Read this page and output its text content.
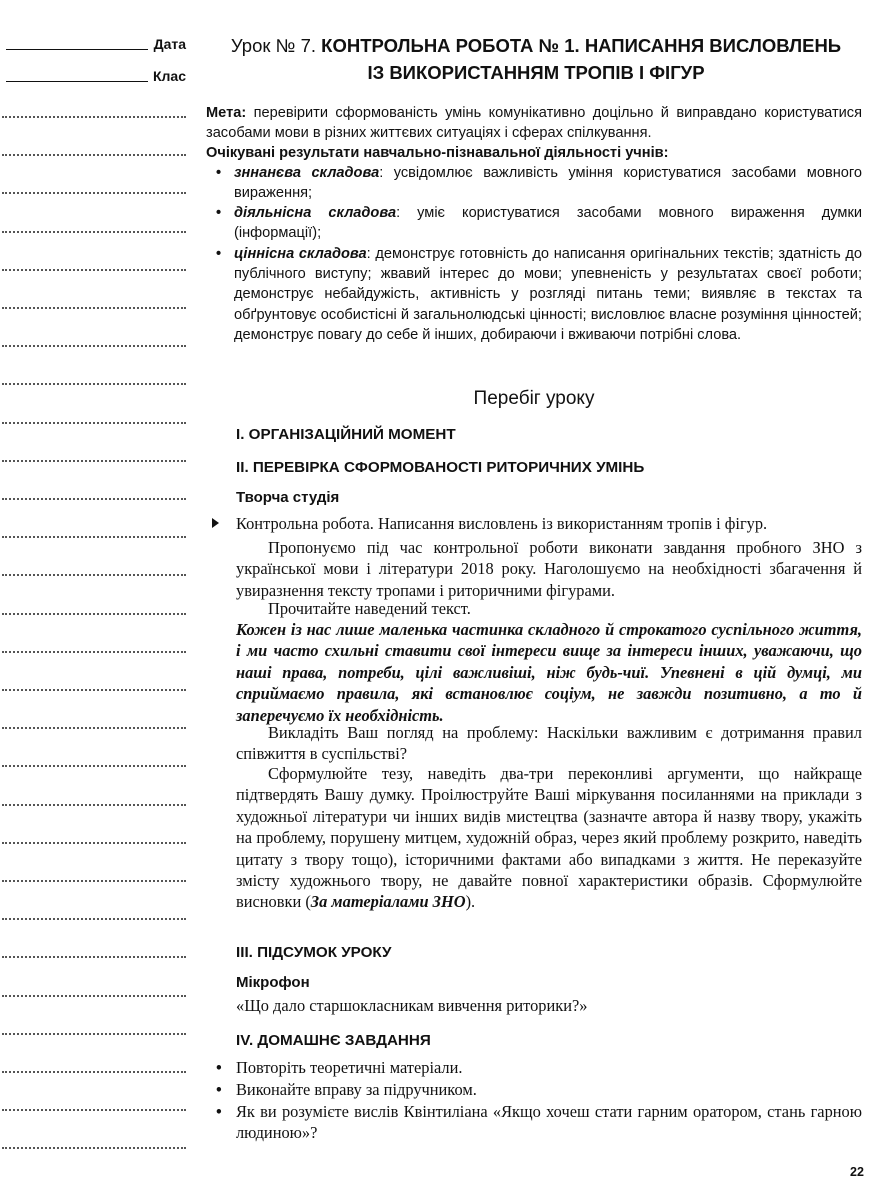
Дата
Клас
Урок № 7. КОНТРОЛЬНА РОБОТА № 1. НАПИСАННЯ ВИСЛОВЛЕНЬ
ІЗ ВИКОРИСТАННЯМ ТРОПІВ І ФІГУР
Мета: перевірити сформованість умінь комунікативно доцільно й виправдано користуватися засобами мови в різних життєвих ситуаціях і сферах спілкування.
Очікувані результати навчально-пізнавальної діяльності учнів:
• зннанєва складова: усвідомлює важливість уміння користуватися засобами мовного вираження;
• діяльнісна складова: уміє користуватися засобами мовного вираження думки (інформації);
• ціннісна складова: демонструє готовність до написання оригінальних текстів; здатність до публічного виступу; жвавий інтерес до мови; упевненість у результатах своєї роботи; демонструє небайдужість, активність у розгляді питань теми; виявляє в текстах та обґрунтовує особистісні й загальнолюдські цінності; висловлює власне розуміння цінностей; демонструє повагу до себе й інших, добираючи і вживаючи потрібні слова.
Перебіг уроку
І. ОРГАНІЗАЦІЙНИЙ МОМЕНТ
ІІ. ПЕРЕВІРКА СФОРМОВАНОСТІ РИТОРИЧНИХ УМІНЬ
Творча студія
Контрольна робота. Написання висловлень із використанням тропів і фігур.
Пропонуємо під час контрольної роботи виконати завдання пробного ЗНО з української мови і літератури 2018 року. Наголошуємо на необхідності збагачення й увиразнення тексту тропами і риторичними фігурами.
Прочитайте наведений текст.
Кожен із нас лише маленька частинка складного й строкатого суспільного життя, і ми часто схильні ставити свої інтереси вище за інтереси інших, уважаючи, що наші права, потреби, цілі важливіші, ніж будь-чиї. Упевнені в цій думці, ми сприймаємо правила, які встановлює соціум, не завжди позитивно, а то й заперечуємо їх необхідність.
Викладіть Ваш погляд на проблему: Наскільки важливим є дотримання правил співжиття в суспільстві?
Сформулюйте тезу, наведіть два-три переконливі аргументи, що найкраще підтвердять Вашу думку. Проілюструйте Ваші міркування посиланнями на приклади з художньої літератури чи інших видів мистецтва (зазначте автора й назву твору, укажіть на проблему, порушену митцем, художній образ, через який проблему розкрито, наведіть цитату з твору тощо), історичними фактами або випадками з життя. Не переказуйте змісту художнього твору, не давайте повної характеристики образів. Сформулюйте висновки (За матеріалами ЗНО).
ІІІ. ПІДСУМОК УРОКУ
Мікрофон
«Що дало старшокласникам вивчення риторики?»
IV. ДОМАШНЄ ЗАВДАННЯ
• Повторіть теоретичні матеріали.
• Виконайте вправу за підручником.
• Як ви розумієте вислів Квінтиліана «Якщо хочеш стати гарним оратором, стань гарною людиною»?
22
